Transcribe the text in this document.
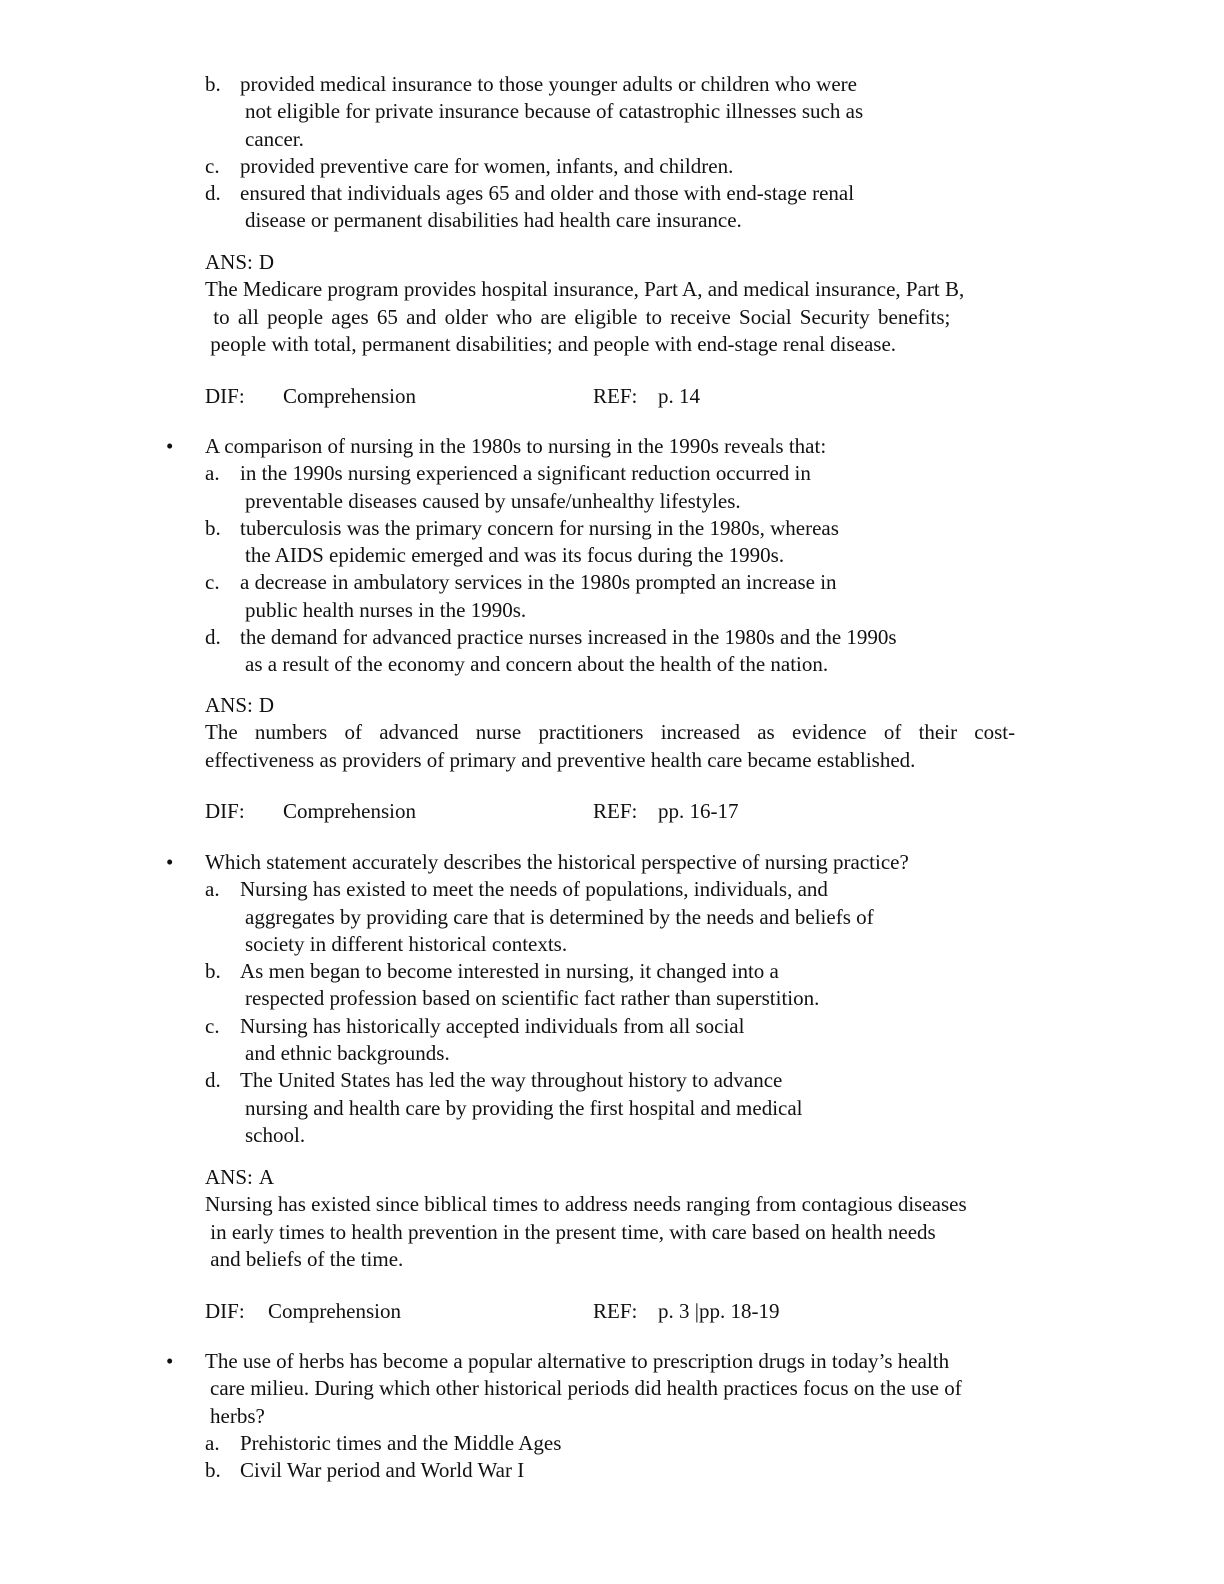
b. provided medical insurance to those younger adults or children who were
not eligible for private insurance because of catastrophic illnesses such as
cancer.
c. provided preventive care for women, infants, and children.
d. ensured that individuals ages 65 and older and those with end-stage renal
disease or permanent disabilities had health care insurance.
ANS: D
The Medicare program provides hospital insurance, Part A, and medical insurance, Part B,
to all people ages 65 and older who are eligible to receive Social Security benefits;
people with total, permanent disabilities; and people with end-stage renal disease.
DIF: Comprehension	REF: p. 14
• A comparison of nursing in the 1980s to nursing in the 1990s reveals that:
a. in the 1990s nursing experienced a significant reduction occurred in
preventable diseases caused by unsafe/unhealthy lifestyles.
b. tuberculosis was the primary concern for nursing in the 1980s, whereas
the AIDS epidemic emerged and was its focus during the 1990s.
c. a decrease in ambulatory services in the 1980s prompted an increase in
public health nurses in the 1990s.
d. the demand for advanced practice nurses increased in the 1980s and the 1990s
as a result of the economy and concern about the health of the nation.
ANS: D
The numbers of advanced nurse practitioners increased as evidence of their cost-
effectiveness as providers of primary and preventive health care became established.
DIF: Comprehension	REF: pp. 16-17
• Which statement accurately describes the historical perspective of nursing practice?
a. Nursing has existed to meet the needs of populations, individuals, and
aggregates by providing care that is determined by the needs and beliefs of
society in different historical contexts.
b. As men began to become interested in nursing, it changed into a
respected profession based on scientific fact rather than superstition.
c. Nursing has historically accepted individuals from all social
and ethnic backgrounds.
d. The United States has led the way throughout history to advance
nursing and health care by providing the first hospital and medical
school.
ANS: A
Nursing has existed since biblical times to address needs ranging from contagious diseases
in early times to health prevention in the present time, with care based on health needs
and beliefs of the time.
DIF: Comprehension	REF: p. 3 |pp. 18-19
• The use of herbs has become a popular alternative to prescription drugs in today’s health
care milieu. During which other historical periods did health practices focus on the use of
herbs?
a. Prehistoric times and the Middle Ages
b. Civil War period and World War I
